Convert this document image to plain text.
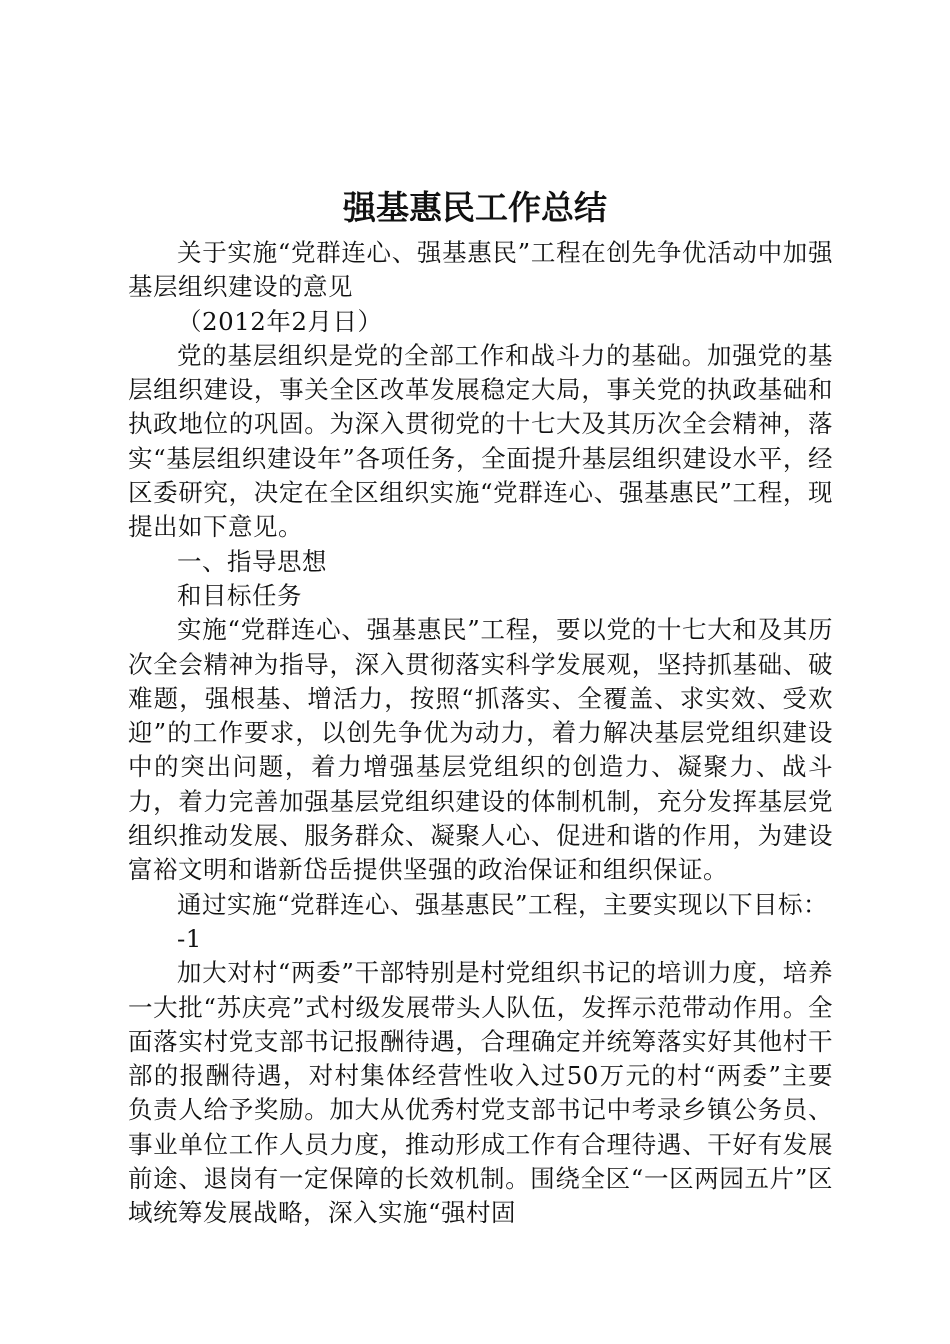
强基惠民工作总结

关于实施“党群连心、强基惠民”工程在创先争优活动中加强基层组织建设的意见

（2012年2月日）

党的基层组织是党的全部工作和战斗力的基础。加强党的基层组织建设，事关全区改革发展稳定大局，事关党的执政基础和执政地位的巩固。为深入贯彻党的十七大及其历次全会精神，落实“基层组织建设年”各项任务，全面提升基层组织建设水平，经区委研究，决定在全区组织实施“党群连心、强基惠民”工程，现提出如下意见。

一、指导思想

和目标任务

实施“党群连心、强基惠民”工程，要以党的十七大和及其历次全会精神为指导，深入贯彻落实科学发展观，坚持抓基础、破难题，强根基、增活力，按照“抓落实、全覆盖、求实效、受欢迎”的工作要求，以创先争优为动力，着力解决基层党组织建设中的突出问题，着力增强基层党组织的创造力、凝聚力、战斗力，着力完善加强基层党组织建设的体制机制，充分发挥基层党组织推动发展、服务群众、凝聚人心、促进和谐的作用，为建设富裕文明和谐新岱岳提供坚强的政治保证和组织保证。

通过实施“党群连心、强基惠民”工程，主要实现以下目标：

-1

加大对村“两委”干部特别是村党组织书记的培训力度，培养一大批“苏庆亮”式村级发展带头人队伍，发挥示范带动作用。全面落实村党支部书记报酬待遇，合理确定并统筹落实好其他村干部的报酬待遇，对村集体经营性收入过50万元的村“两委”主要负责人给予奖励。加大从优秀村党支部书记中考录乡镇公务员、事业单位工作人员力度，推动形成工作有合理待遇、干好有发展前途、退岗有一定保障的长效机制。围绕全区“一区两园五片”区域统筹发展战略，深入实施“强村固
